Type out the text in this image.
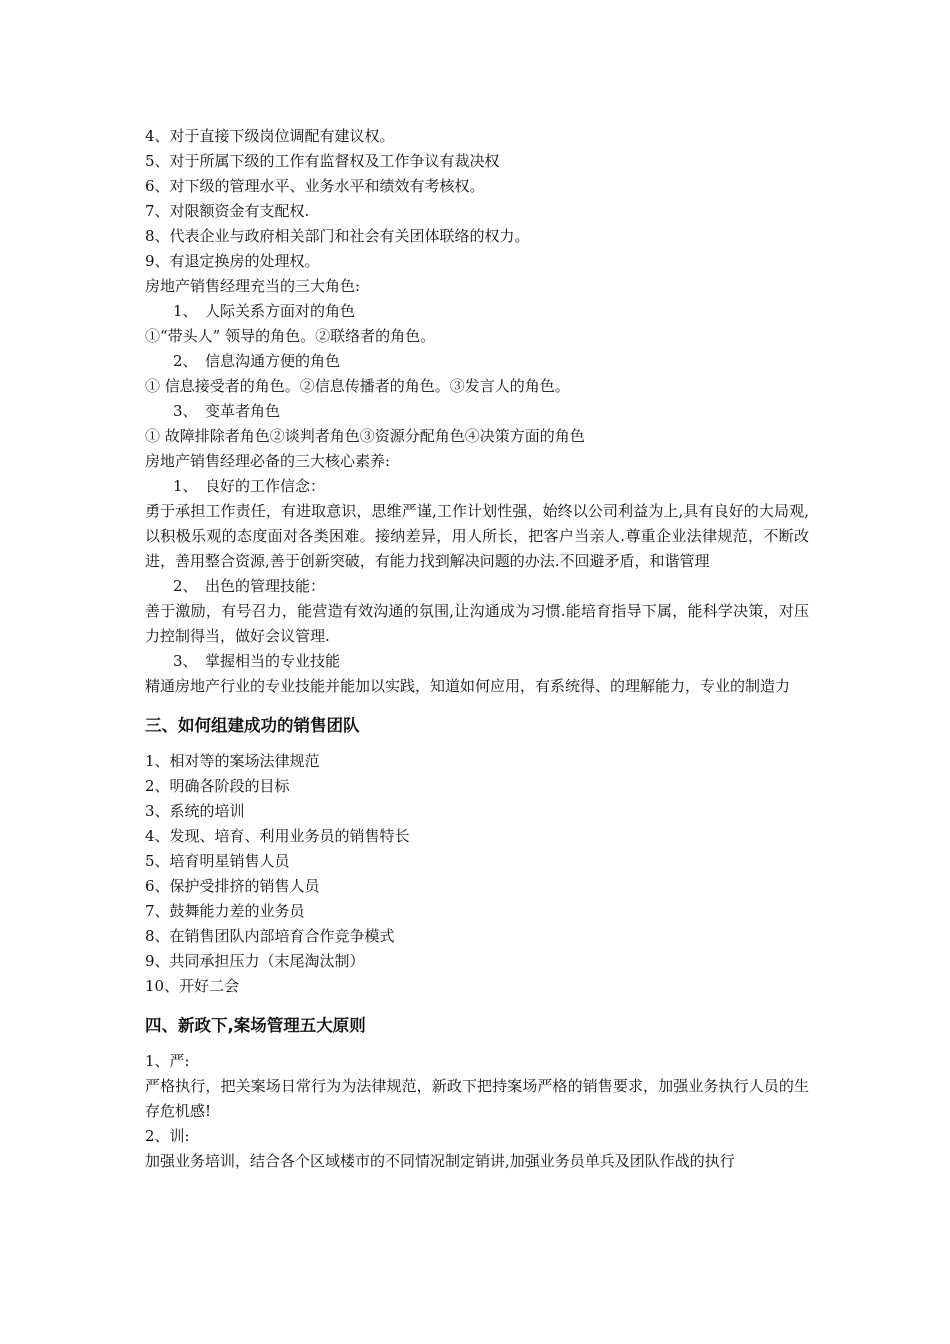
4、对于直接下级岗位调配有建议权。
5、对于所属下级的工作有监督权及工作争议有裁决权
6、对下级的管理水平、业务水平和绩效有考核权。
7、对限额资金有支配权.
8、代表企业与政府相关部门和社会有关团体联络的权力。
9、有退定换房的处理权。
房地产销售经理充当的三大角色:
1、　人际关系方面对的角色
①“带头人” 领导的角色。②联络者的角色。
2、　信息沟通方便的角色
① 信息接受者的角色。②信息传播者的角色。③发言人的角色。
3、　变革者角色
① 故障排除者角色②谈判者角色③资源分配角色④决策方面的角色
房地产销售经理必备的三大核心素养:
1、　良好的工作信念：
勇于承担工作责任，有进取意识，思维严谨,工作计划性强，始终以公司利益为上,具有良好的大局观,以积极乐观的态度面对各类困难。接纳差异，用人所长，把客户当亲人.尊重企业法律规范，不断改进，善用整合资源,善于创新突破，有能力找到解决问题的办法.不回避矛盾，和谐管理
2、　出色的管理技能：
善于激励，有号召力，能营造有效沟通的氛围,让沟通成为习惯.能培育指导下属，能科学决策，对压力控制得当，做好会议管理.
3、　掌握相当的专业技能
精通房地产行业的专业技能并能加以实践，知道如何应用，有系统得、的理解能力，专业的制造力
三、如何组建成功的销售团队
1、相对等的案场法律规范
2、明确各阶段的目标
3、系统的培训
4、发现、培育、利用业务员的销售特长
5、培育明星销售人员
6、保护受排挤的销售人员
7、鼓舞能力差的业务员
8、在销售团队内部培育合作竞争模式
9、共同承担压力（末尾淘汰制）
10、开好二会
四、新政下,案场管理五大原则
1、严:
严格执行，把关案场日常行为为法律规范，新政下把持案场严格的销售要求，加强业务执行人员的生存危机感!
2、训:
加强业务培训，结合各个区域楼市的不同情况制定销讲,加强业务员单兵及团队作战的执行
